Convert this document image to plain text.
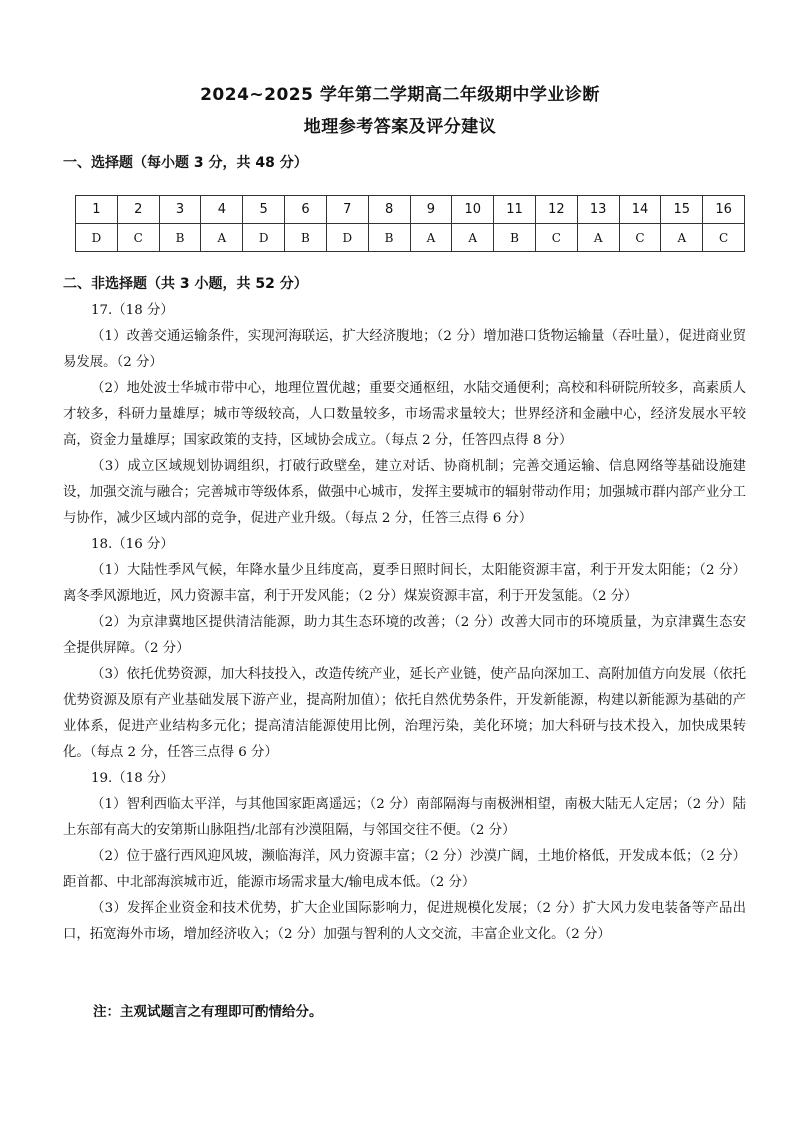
2024~2025 学年第二学期高二年级期中学业诊断
地理参考答案及评分建议
一、选择题（每小题 3 分，共 48 分）
1	2	3	4	5	6	7	8	9	10	11	12	13	14	15	16
D	C	B	A	D	B	D	B	A	A	B	C	A	C	A	C
二、非选择题（共 3 小题，共 52 分）

17.（18 分）

（1）改善交通运输条件，实现河海联运，扩大经济腹地；（2 分）增加港口货物运输量（吞吐量），促进商业贸易发展。（2 分）

（2）地处波士华城市带中心，地理位置优越；重要交通枢纽，水陆交通便利；高校和科研院所较多，高素质人才较多，科研力量雄厚；城市等级较高，人口数量较多，市场需求量较大；世界经济和金融中心，经济发展水平较高，资金力量雄厚；国家政策的支持，区域协会成立。（每点 2 分，任答四点得 8 分）

（3）成立区域规划协调组织，打破行政壁垒，建立对话、协商机制；完善交通运输、信息网络等基础设施建设，加强交流与融合；完善城市等级体系，做强中心城市，发挥主要城市的辐射带动作用；加强城市群内部产业分工与协作，减少区域内部的竞争，促进产业升级。（每点 2 分，任答三点得 6 分）

18.（16 分）

（1）大陆性季风气候，年降水量少且纬度高，夏季日照时间长，太阳能资源丰富，利于开发太阳能；（2 分）离冬季风源地近，风力资源丰富，利于开发风能；（2 分）煤炭资源丰富，利于开发氢能。（2 分）

（2）为京津冀地区提供清洁能源，助力其生态环境的改善；（2 分）改善大同市的环境质量，为京津冀生态安全提供屏障。（2 分）

（3）依托优势资源，加大科技投入，改造传统产业，延长产业链，使产品向深加工、高附加值方向发展（依托优势资源及原有产业基础发展下游产业，提高附加值）；依托自然优势条件，开发新能源，构建以新能源为基础的产业体系，促进产业结构多元化；提高清洁能源使用比例，治理污染，美化环境；加大科研与技术投入，加快成果转化。（每点 2 分，任答三点得 6 分）

19.（18 分）

（1）智利西临太平洋，与其他国家距离遥远；（2 分）南部隔海与南极洲相望，南极大陆无人定居；（2 分）陆上东部有高大的安第斯山脉阻挡/北部有沙漠阻隔，与邻国交往不便。（2 分）

（2）位于盛行西风迎风坡，濒临海洋，风力资源丰富；（2 分）沙漠广阔，土地价格低，开发成本低；（2 分）距首都、中北部海滨城市近，能源市场需求量大/输电成本低。（2 分）

（3）发挥企业资金和技术优势，扩大企业国际影响力，促进规模化发展；（2 分）扩大风力发电装备等产品出口，拓宽海外市场，增加经济收入；（2 分）加强与智利的人文交流，丰富企业文化。（2 分）

注：主观试题言之有理即可酌情给分。
